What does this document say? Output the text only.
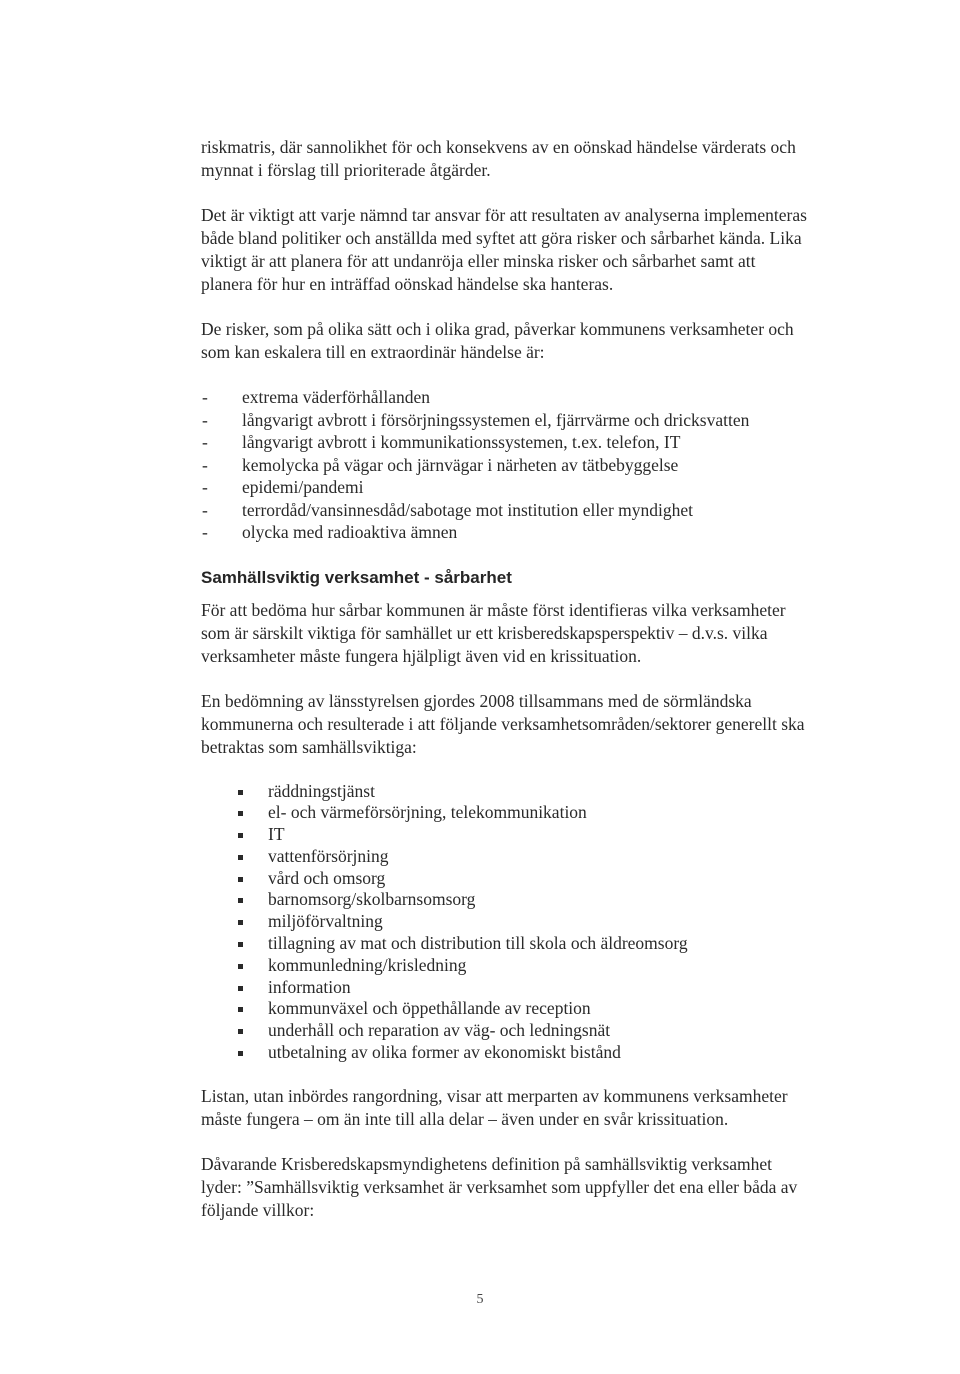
riskmatris, där sannolikhet för och konsekvens av en oönskad händelse värderats och mynnat i förslag till prioriterade åtgärder.

Det är viktigt att varje nämnd tar ansvar för att resultaten av analyserna implementeras både bland politiker och anställda med syftet att göra risker och sårbarhet kända. Lika viktigt är att planera för att undanröja eller minska risker och sårbarhet samt att planera för hur en inträffad oönskad händelse ska hanteras.

De risker, som på olika sätt och i olika grad, påverkar kommunens verksamheter och som kan eskalera till en extraordinär händelse är:

- extrema väderförhållanden
- långvarigt avbrott i försörjningssystemen el, fjärrvärme och dricksvatten
- långvarigt avbrott i kommunikationssystemen, t.ex. telefon, IT
- kemolycka på vägar och järnvägar i närheten av tätbebyggelse
- epidemi/pandemi
- terrordåd/vansinnesdåd/sabotage mot institution eller myndighet
- olycka med radioaktiva ämnen
Samhällsviktig verksamhet - sårbarhet

För att bedöma hur sårbar kommunen är måste först identifieras vilka verksamheter som är särskilt viktiga för samhället ur ett krisberedskapsperspektiv – d.v.s. vilka verksamheter måste fungera hjälpligt även vid en krissituation.

En bedömning av länsstyrelsen gjordes 2008 tillsammans med de sörmländska kommunerna och resulterade i att följande verksamhetsområden/sektorer generellt ska betraktas som samhällsviktiga:

räddningstjänst
el- och värmeförsörjning, telekommunikation
IT
vattenförsörjning
vård och omsorg
barnomsorg/skolbarnsomsorg
miljöförvaltning
tillagning av mat och distribution till skola och äldreomsorg
kommunledning/krisledning
information
kommunväxel och öppethållande av reception
underhåll och reparation av väg- och ledningsnät
utbetalning av olika former av ekonomiskt bistånd

Listan, utan inbördes rangordning, visar att merparten av kommunens verksamheter måste fungera – om än inte till alla delar – även under en svår krissituation.

Dåvarande Krisberedskapsmyndighetens definition på samhällsviktig verksamhet lyder: ”Samhällsviktig verksamhet är verksamhet som uppfyller det ena eller båda av följande villkor:

5
